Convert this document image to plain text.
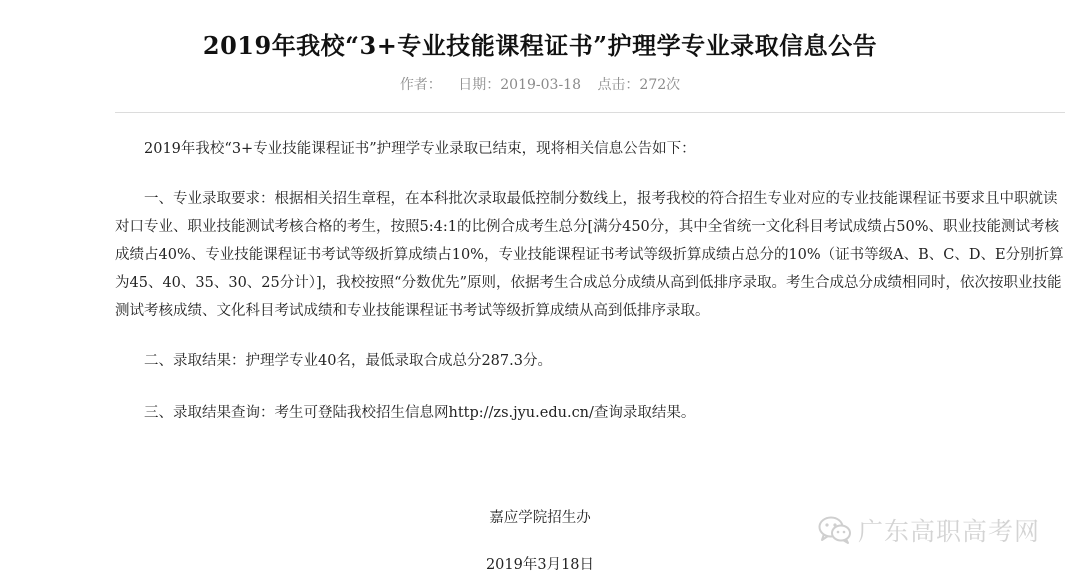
2019年我校“3+专业技能课程证书”护理学专业录取信息公告
作者： 日期：2019-03-18 点击：272次

2019年我校“3+专业技能课程证书”护理学专业录取已结束，现将相关信息公告如下：

一、专业录取要求：根据相关招生章程，在本科批次录取最低控制分数线上，报考我校的符合招生专业对应的专业技能课程证书要求且中职就读对口专业、职业技能测试考核合格的考生，按照5:4:1的比例合成考生总分[满分450分，其中全省统一文化科目考试成绩占50%、职业技能测试考核成绩占40%、专业技能课程证书考试等级折算成绩占10%，专业技能课程证书考试等级折算成绩占总分的10%（证书等级A、B、C、D、E分别折算为45、40、35、30、25分计）]，我校按照“分数优先”原则，依据考生合成总分成绩从高到低排序录取。考生合成总分成绩相同时，依次按职业技能测试考核成绩、文化科目考试成绩和专业技能课程证书考试等级折算成绩从高到低排序录取。

二、录取结果：护理学专业40名，最低录取合成总分287.3分。

三、录取结果查询：考生可登陆我校招生信息网http://zs.jyu.edu.cn/查询录取结果。

嘉应学院招生办
2019年3月18日
广东高职高考网
